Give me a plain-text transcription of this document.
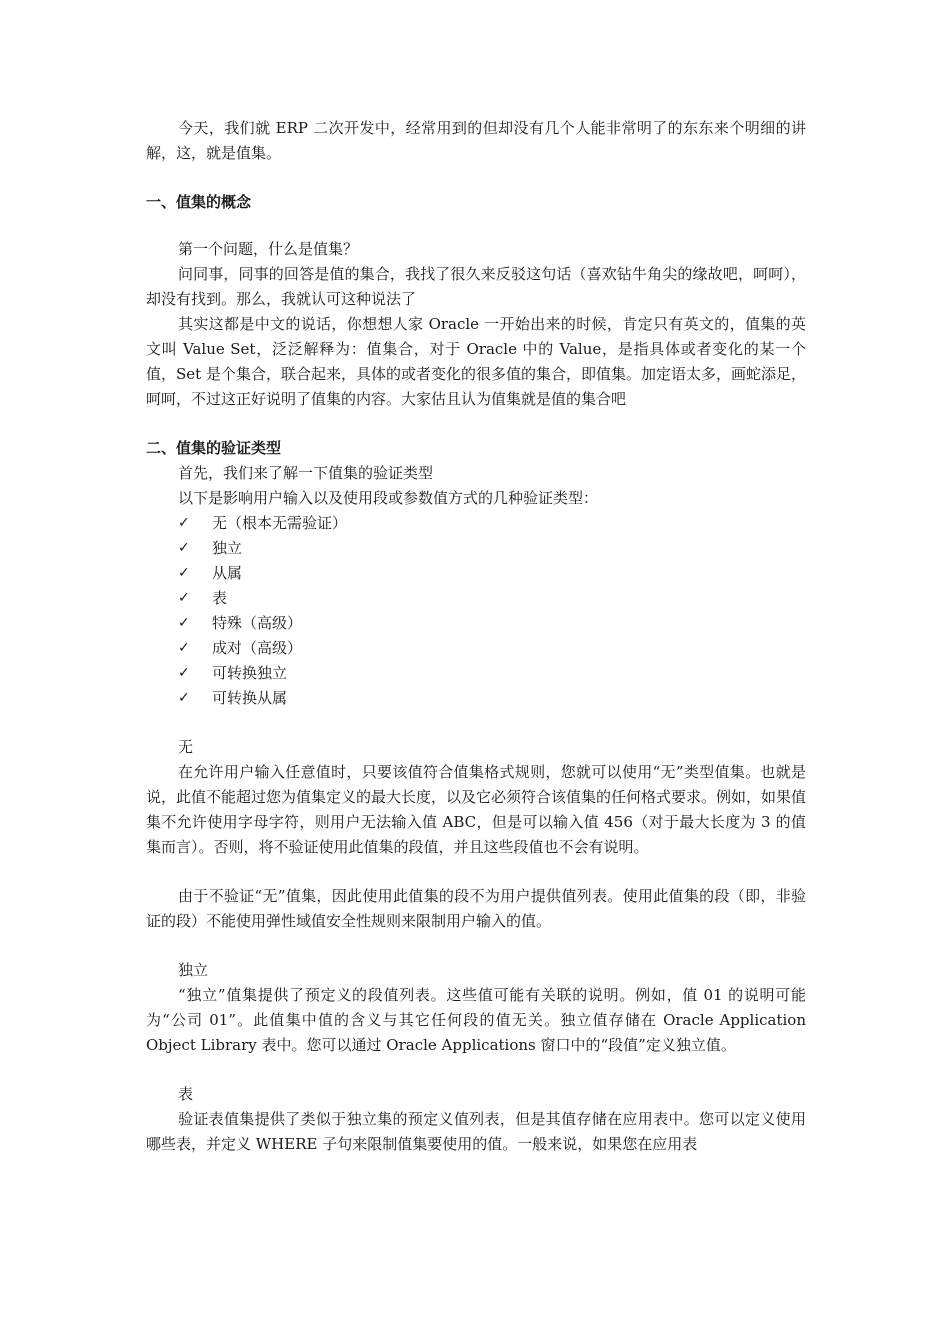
今天，我们就 ERP 二次开发中，经常用到的但却没有几个人能非常明了的东东来个明细的讲解，这，就是值集。

一、值集的概念

第一个问题，什么是值集？

问同事，同事的回答是值的集合，我找了很久来反驳这句话（喜欢钻牛角尖的缘故吧，呵呵），却没有找到。那么，我就认可这种说法了

其实这都是中文的说话，你想想人家 Oracle 一开始出来的时候，肯定只有英文的，值集的英文叫 Value Set，泛泛解释为：值集合，对于 Oracle 中的 Value，是指具体或者变化的某一个值，Set 是个集合，联合起来，具体的或者变化的很多值的集合，即值集。加定语太多，画蛇添足，呵呵，不过这正好说明了值集的内容。大家估且认为值集就是值的集合吧

二、值集的验证类型

首先，我们来了解一下值集的验证类型

以下是影响用户输入以及使用段或参数值方式的几种验证类型：

✓	无（根本无需验证）
✓	独立
✓	从属
✓	表
✓	特殊（高级）
✓	成对（高级）
✓	可转换独立
✓	可转换从属

无

在允许用户输入任意值时，只要该值符合值集格式规则，您就可以使用“无”类型值集。也就是说，此值不能超过您为值集定义的最大长度，以及它必须符合该值集的任何格式要求。例如，如果值集不允许使用字母字符，则用户无法输入值 ABC，但是可以输入值 456（对于最大长度为 3 的值集而言）。否则，将不验证使用此值集的段值，并且这些段值也不会有说明。

由于不验证“无”值集，因此使用此值集的段不为用户提供值列表。使用此值集的段（即，非验证的段）不能使用弹性域值安全性规则来限制用户输入的值。

独立

“独立”值集提供了预定义的段值列表。这些值可能有关联的说明。例如，值 01 的说明可能为“公司 01”。此值集中值的含义与其它任何段的值无关。独立值存储在 Oracle Application Object Library 表中。您可以通过 Oracle Applications 窗口中的“段值”定义独立值。

表

验证表值集提供了类似于独立集的预定义值列表，但是其值存储在应用表中。您可以定义使用哪些表，并定义 WHERE 子句来限制值集要使用的值。一般来说，如果您在应用表
